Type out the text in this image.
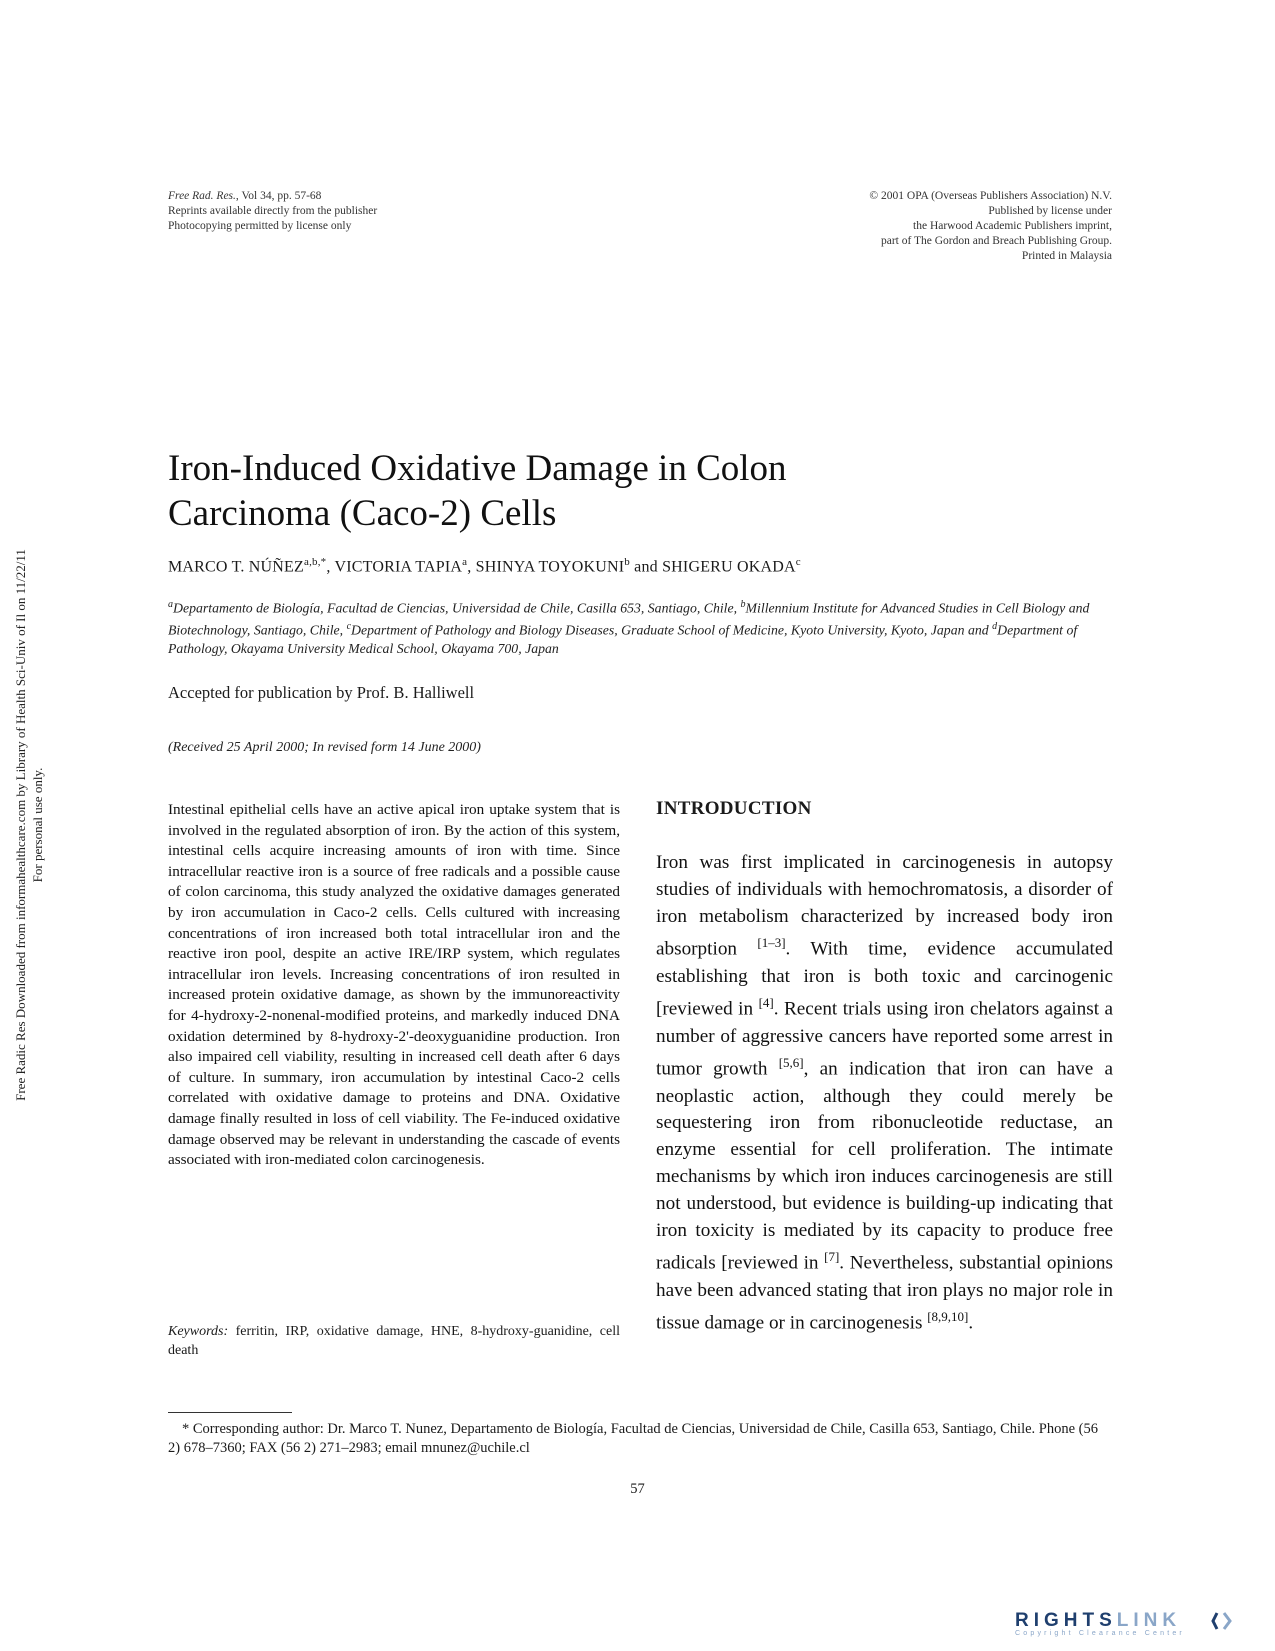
Free Radic Res Downloaded from informahealthcare.com by Library of Health Sci-Univ of Il on 11/22/11
For personal use only.
Free Rad. Res., Vol 34, pp. 57-68
Reprints available directly from the publisher
Photocopying permitted by license only
© 2001 OPA (Overseas Publishers Association) N.V.
Published by license under
the Harwood Academic Publishers imprint,
part of The Gordon and Breach Publishing Group.
Printed in Malaysia
Iron-Induced Oxidative Damage in Colon
Carcinoma (Caco-2) Cells
MARCO T. $NÚÑEZ^{a,b,*}$, VICTORIA TAPIA$^a$, SHINYA TOYOKUNI$^b$ and SHIGERU OKADA$^c$
$^a$Departamento de Biología, Facultad de Ciencias, Universidad de Chile, Casilla 653, Santiago, Chile, $^b$Millennium Institute for Advanced Studies in Cell Biology and Biotechnology, Santiago, Chile, $^c$Department of Pathology and Biology Diseases, Graduate School of Medicine, Kyoto University, Kyoto, Japan and $^d$Department of Pathology, Okayama University Medical School, Okayama 700, Japan
Accepted for publication by Prof. B. Halliwell
(Received 25 April 2000; In revised form 14 June 2000)
Intestinal epithelial cells have an active apical iron uptake system that is involved in the regulated absorption of iron. By the action of this system, intestinal cells acquire increasing amounts of iron with time. Since intracellular reactive iron is a source of free radicals and a possible cause of colon carcinoma, this study analyzed the oxidative damages generated by iron accumulation in Caco-2 cells. Cells cultured with increasing concentrations of iron increased both total intracellular iron and the reactive iron pool, despite an active IRE/IRP system, which regulates intracellular iron levels. Increasing concentrations of iron resulted in increased protein oxidative damage, as shown by the immunoreactivity for 4-hydroxy-2-nonenal-modified proteins, and markedly induced DNA oxidation determined by 8-hydroxy-2'-deoxyguanidine production. Iron also impaired cell viability, resulting in increased cell death after 6 days of culture. In summary, iron accumulation by intestinal Caco-2 cells correlated with oxidative damage to proteins and DNA. Oxidative damage finally resulted in loss of cell viability. The Fe-induced oxidative damage observed may be relevant in understanding the cascade of events associated with iron-mediated colon carcinogenesis.
Keywords: ferritin, IRP, oxidative damage, HNE, 8-hydroxy-guanidine, cell death
INTRODUCTION
Iron was first implicated in carcinogenesis in autopsy studies of individuals with hemochromatosis, a disorder of iron metabolism characterized by increased body iron absorption [1–3]. With time, evidence accumulated establishing that iron is both toxic and carcinogenic [reviewed in [4]. Recent trials using iron chelators against a number of aggressive cancers have reported some arrest in tumor growth [5,6], an indication that iron can have a neoplastic action, although they could merely be sequestering iron from ribonucleotide reductase, an enzyme essential for cell proliferation. The intimate mechanisms by which iron induces carcinogenesis are still not understood, but evidence is building-up indicating that iron toxicity is mediated by its capacity to produce free radicals [reviewed in [7]. Nevertheless, substantial opinions have been advanced stating that iron plays no major role in tissue damage or in carcinogenesis [8,9,10].
* Corresponding author: Dr. Marco T. Nunez, Departamento de Biología, Facultad de Ciencias, Universidad de Chile, Casilla 653, Santiago, Chile. Phone (56 2) 678–7360; FAX (56 2) 271–2983; email mnunez@uchile.cl
57
RIGHTSLINK
Copyright Clearance Center
